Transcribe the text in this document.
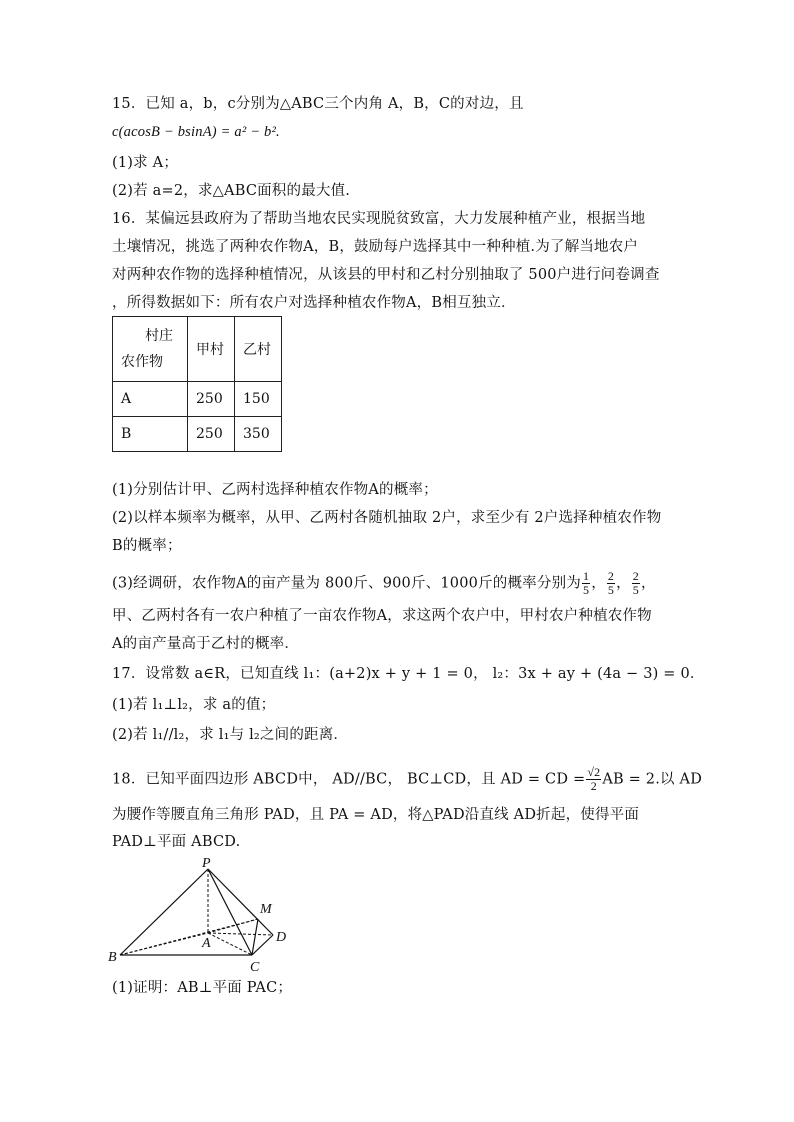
15．已知 a，b，c分别为△ABC三个内角 A，B，C的对边，且
c(acosB − bsinA) = a² − b².
(1)求 A；
(2)若 a=2，求△ABC面积的最大值.
16．某偏远县政府为了帮助当地农民实现脱贫致富，大力发展种植产业，根据当地
土壤情况，挑选了两种农作物A，B，鼓励每户选择其中一种种植.为了解当地农户
对两种农作物的选择种植情况，从该县的甲村和乙村分别抽取了 500户进行问卷调查
，所得数据如下：所有农户对选择种植农作物A，B相互独立．
村庄
农作物	甲村	乙村
A	250	150
B	250	350
(1)分别估计甲、乙两村选择种植农作物A的概率；
(2)以样本频率为概率，从甲、乙两村各随机抽取 2户，求至少有 2户选择种植农作物
B的概率；
(3)经调研，农作物A的亩产量为 800斤、900斤、1000斤的概率分别为 $\frac{1}{5}$ ， $\frac{2}{5}$ ， $\frac{2}{5}$ ，
甲、乙两村各有一农户种植了一亩农作物A，求这两个农户中，甲村农户种植农作物
A的亩产量高于乙村的概率．
17．设常数 a∈R，已知直线 l₁：(a+2)x + y + 1 = 0， l₂：3x + ay + (4a − 3) = 0．
(1)若 l₁⊥l₂，求 a的值；
(2)若 l₁//l₂，求 l₁与 l₂之间的距离．
18．已知平面四边形 ABCD中， AD//BC， BC⊥CD，且 AD = CD = $\frac{√2}{2}$ AB = 2.以 AD
为腰作等腰直角三角形 PAD，且 PA = AD，将△PAD沿直线 AD折起，使得平面
PAD⊥平面 ABCD.
P
M
D
A
B
C
(1)证明：AB⊥平面 PAC；
